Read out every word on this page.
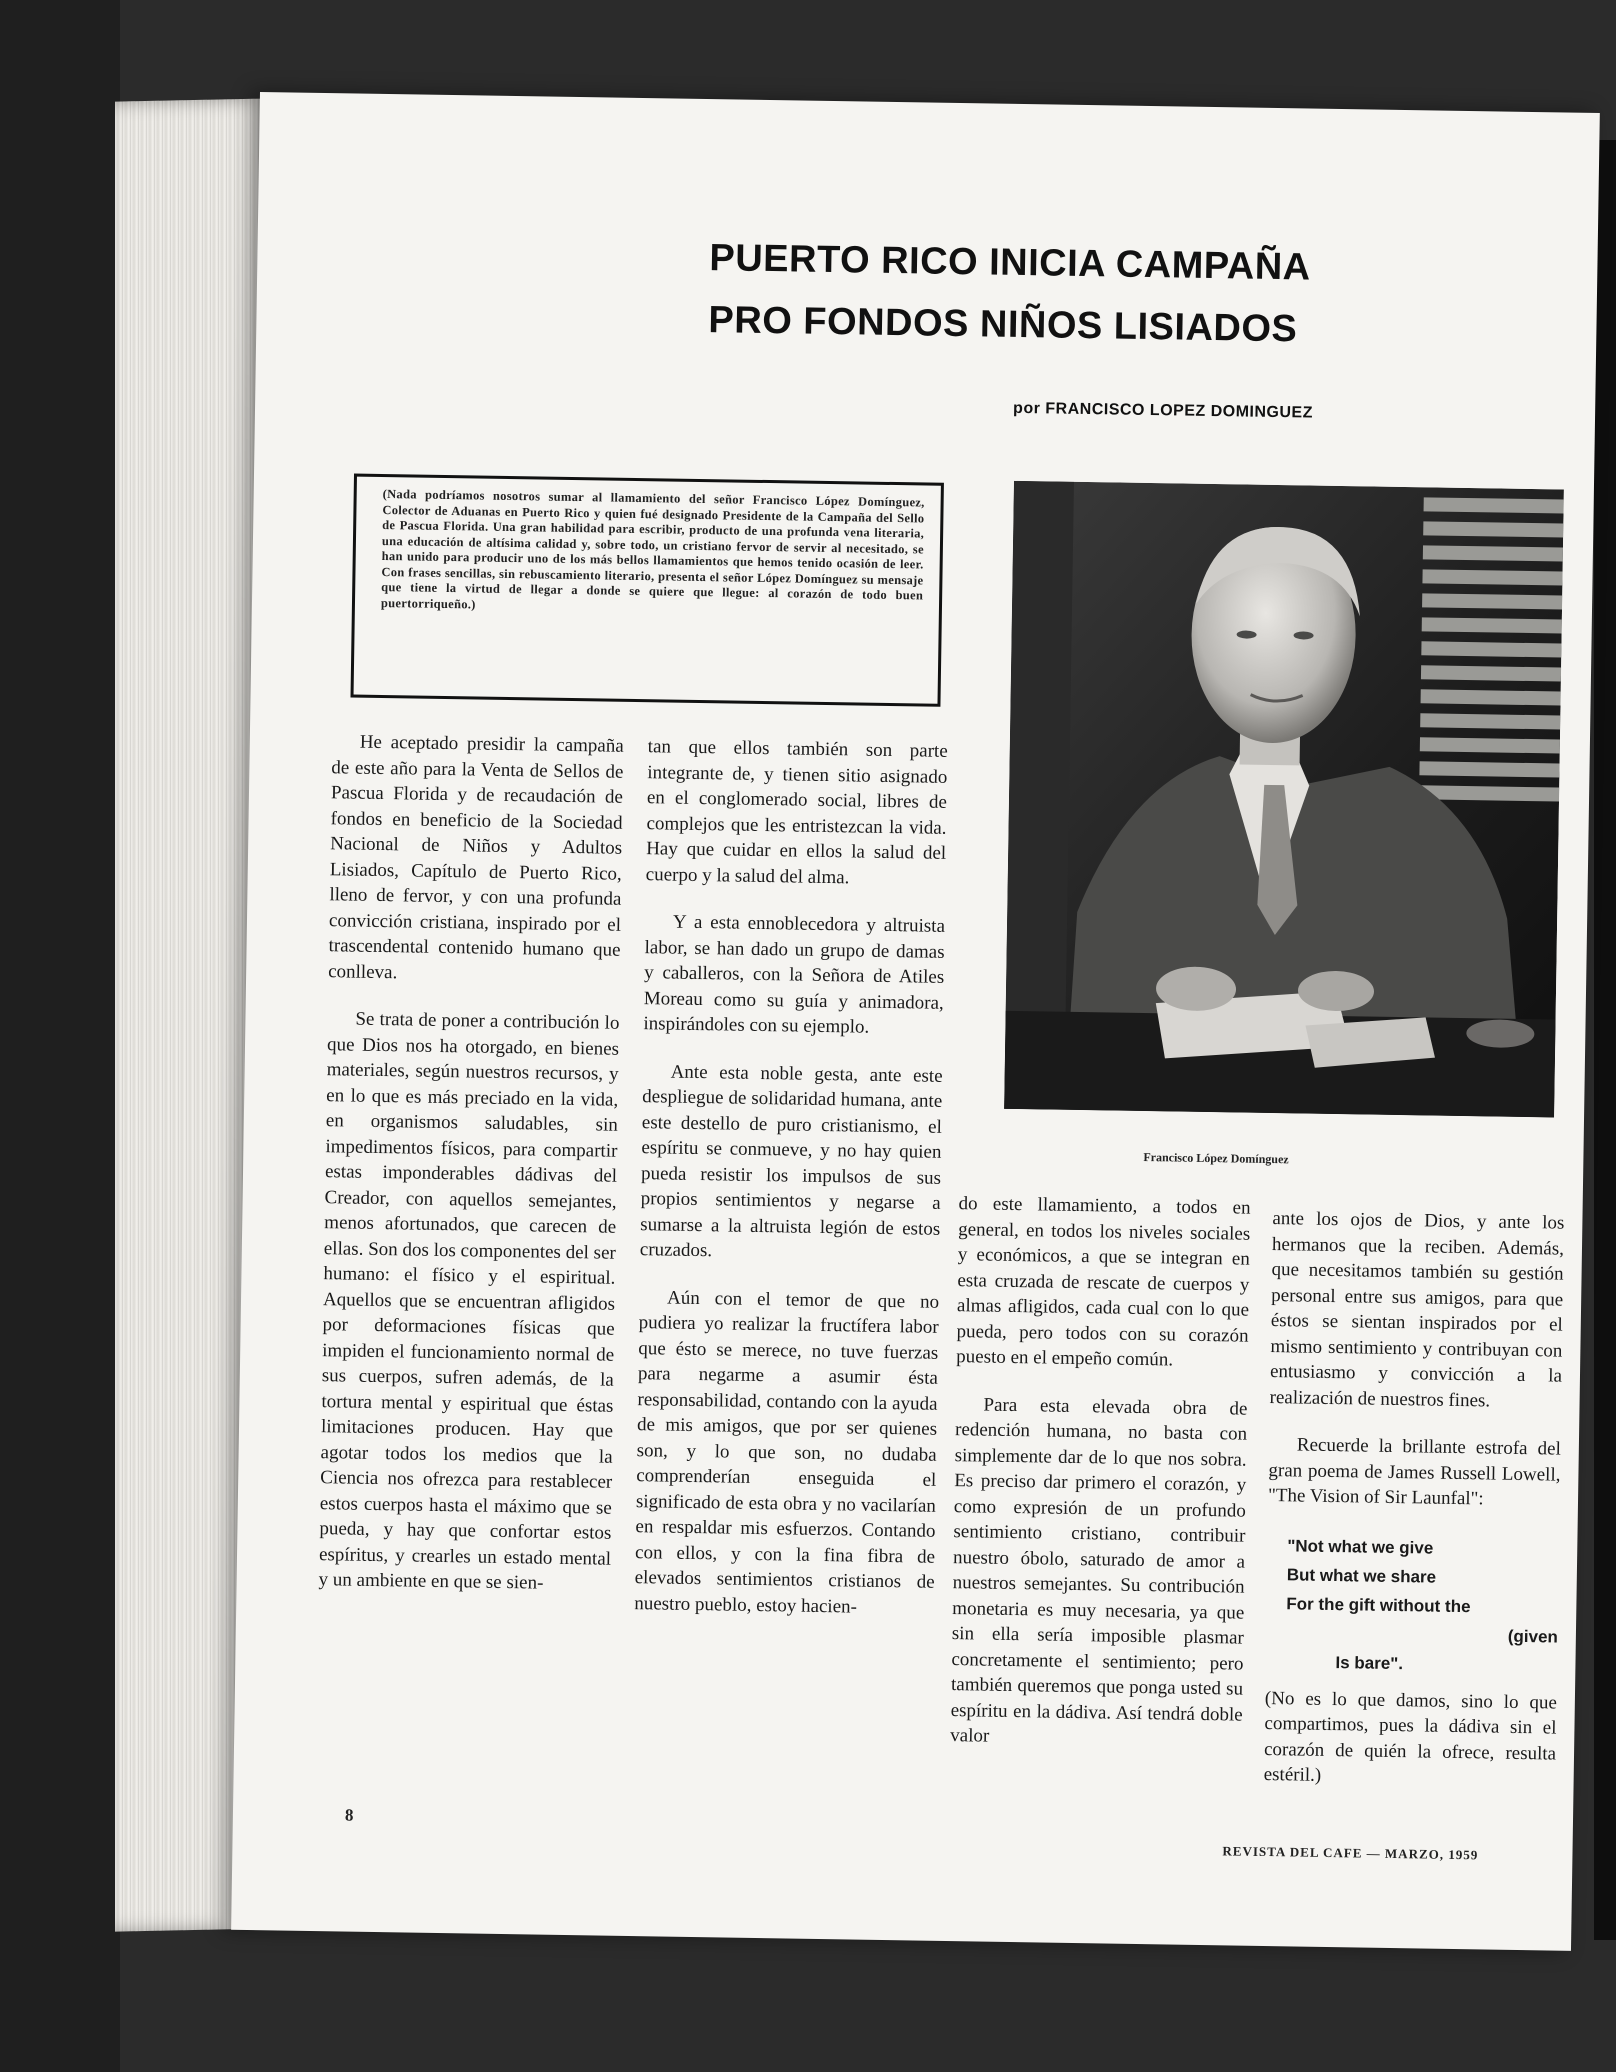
PUERTO RICO INICIA CAMPAÑA
PRO FONDOS NIÑOS LISIADOS
por FRANCISCO LOPEZ DOMINGUEZ

(Nada podríamos nosotros sumar al llamamiento del señor Francisco López Domínguez, Colector de Aduanas en Puerto Rico y quien fué designado Presidente de la Campaña del Sello de Pascua Florida. Una gran habilidad para escribir, producto de una profunda vena literaria, una educación de altísima calidad y, sobre todo, un cristiano fervor de servir al necesitado, se han unido para producir uno de los más bellos llamamientos que hemos tenido ocasión de leer. Con frases sencillas, sin rebuscamiento literario, presenta el señor López Domínguez su mensaje que tiene la virtud de llegar a donde se quiere que llegue: al corazón de todo buen puertorriqueño.)

Francisco López Domínguez

He aceptado presidir la campaña de este año para la Venta de Sellos de Pascua Florida y de recaudación de fondos en beneficio de la Sociedad Nacional de Niños y Adultos Lisiados, Capítulo de Puerto Rico, lleno de fervor, y con una profunda convicción cristiana, inspirado por el trascendental contenido humano que conlleva.

Se trata de poner a contribución lo que Dios nos ha otorgado, en bienes materiales, según nuestros recursos, y en lo que es más preciado en la vida, en organismos saludables, sin impedimentos físicos, para compartir estas imponderables dádivas del Creador, con aquellos semejantes, menos afortunados, que carecen de ellas. Son dos los componentes del ser humano: el físico y el espiritual. Aquellos que se encuentran afligidos por deformaciones físicas que impiden el funcionamiento normal de sus cuerpos, sufren además, de la tortura mental y espiritual que éstas limitaciones producen. Hay que agotar todos los medios que la Ciencia nos ofrezca para restablecer estos cuerpos hasta el máximo que se pueda, y hay que confortar estos espíritus, y crearles un estado mental y un ambiente en que se sien-

tan que ellos también son parte integrante de, y tienen sitio asignado en el conglomerado social, libres de complejos que les entristezcan la vida. Hay que cuidar en ellos la salud del cuerpo y la salud del alma.

Y a esta ennoblecedora y altruista labor, se han dado un grupo de damas y caballeros, con la Señora de Atiles Moreau como su guía y animadora, inspirándoles con su ejemplo.

Ante esta noble gesta, ante este despliegue de solidaridad humana, ante este destello de puro cristianismo, el espíritu se conmueve, y no hay quien pueda resistir los impulsos de sus propios sentimientos y negarse a sumarse a la altruista legión de estos cruzados.

Aún con el temor de que no pudiera yo realizar la fructífera labor que ésto se merece, no tuve fuerzas para negarme a asumir ésta responsabilidad, contando con la ayuda de mis amigos, que por ser quienes son, y lo que son, no dudaba comprenderían enseguida el significado de esta obra y no vacilarían en respaldar mis esfuerzos. Contando con ellos, y con la fina fibra de elevados sentimientos cristianos de nuestro pueblo, estoy hacien-

do este llamamiento, a todos en general, en todos los niveles sociales y económicos, a que se integran en esta cruzada de rescate de cuerpos y almas afligidos, cada cual con lo que pueda, pero todos con su corazón puesto en el empeño común.

Para esta elevada obra de redención humana, no basta con simplemente dar de lo que nos sobra. Es preciso dar primero el corazón, y como expresión de un profundo sentimiento cristiano, contribuir nuestro óbolo, saturado de amor a nuestros semejantes. Su contribución monetaria es muy necesaria, ya que sin ella sería imposible plasmar concretamente el sentimiento; pero también queremos que ponga usted su espíritu en la dádiva. Así tendrá doble valor

ante los ojos de Dios, y ante los hermanos que la reciben. Además, que necesitamos también su gestión personal entre sus amigos, para que éstos se sientan inspirados por el mismo sentimiento y contribuyan con entusiasmo y convicción a la realización de nuestros fines.

Recuerde la brillante estrofa del gran poema de James Russell Lowell, "The Vision of Sir Launfal":

"Not what we give
But what we share
For the gift without the
(given
Is bare".

(No es lo que damos, sino lo que compartimos, pues la dádiva sin el corazón de quién la ofrece, resulta estéril.)

8
REVISTA DEL CAFE — MARZO, 1959
